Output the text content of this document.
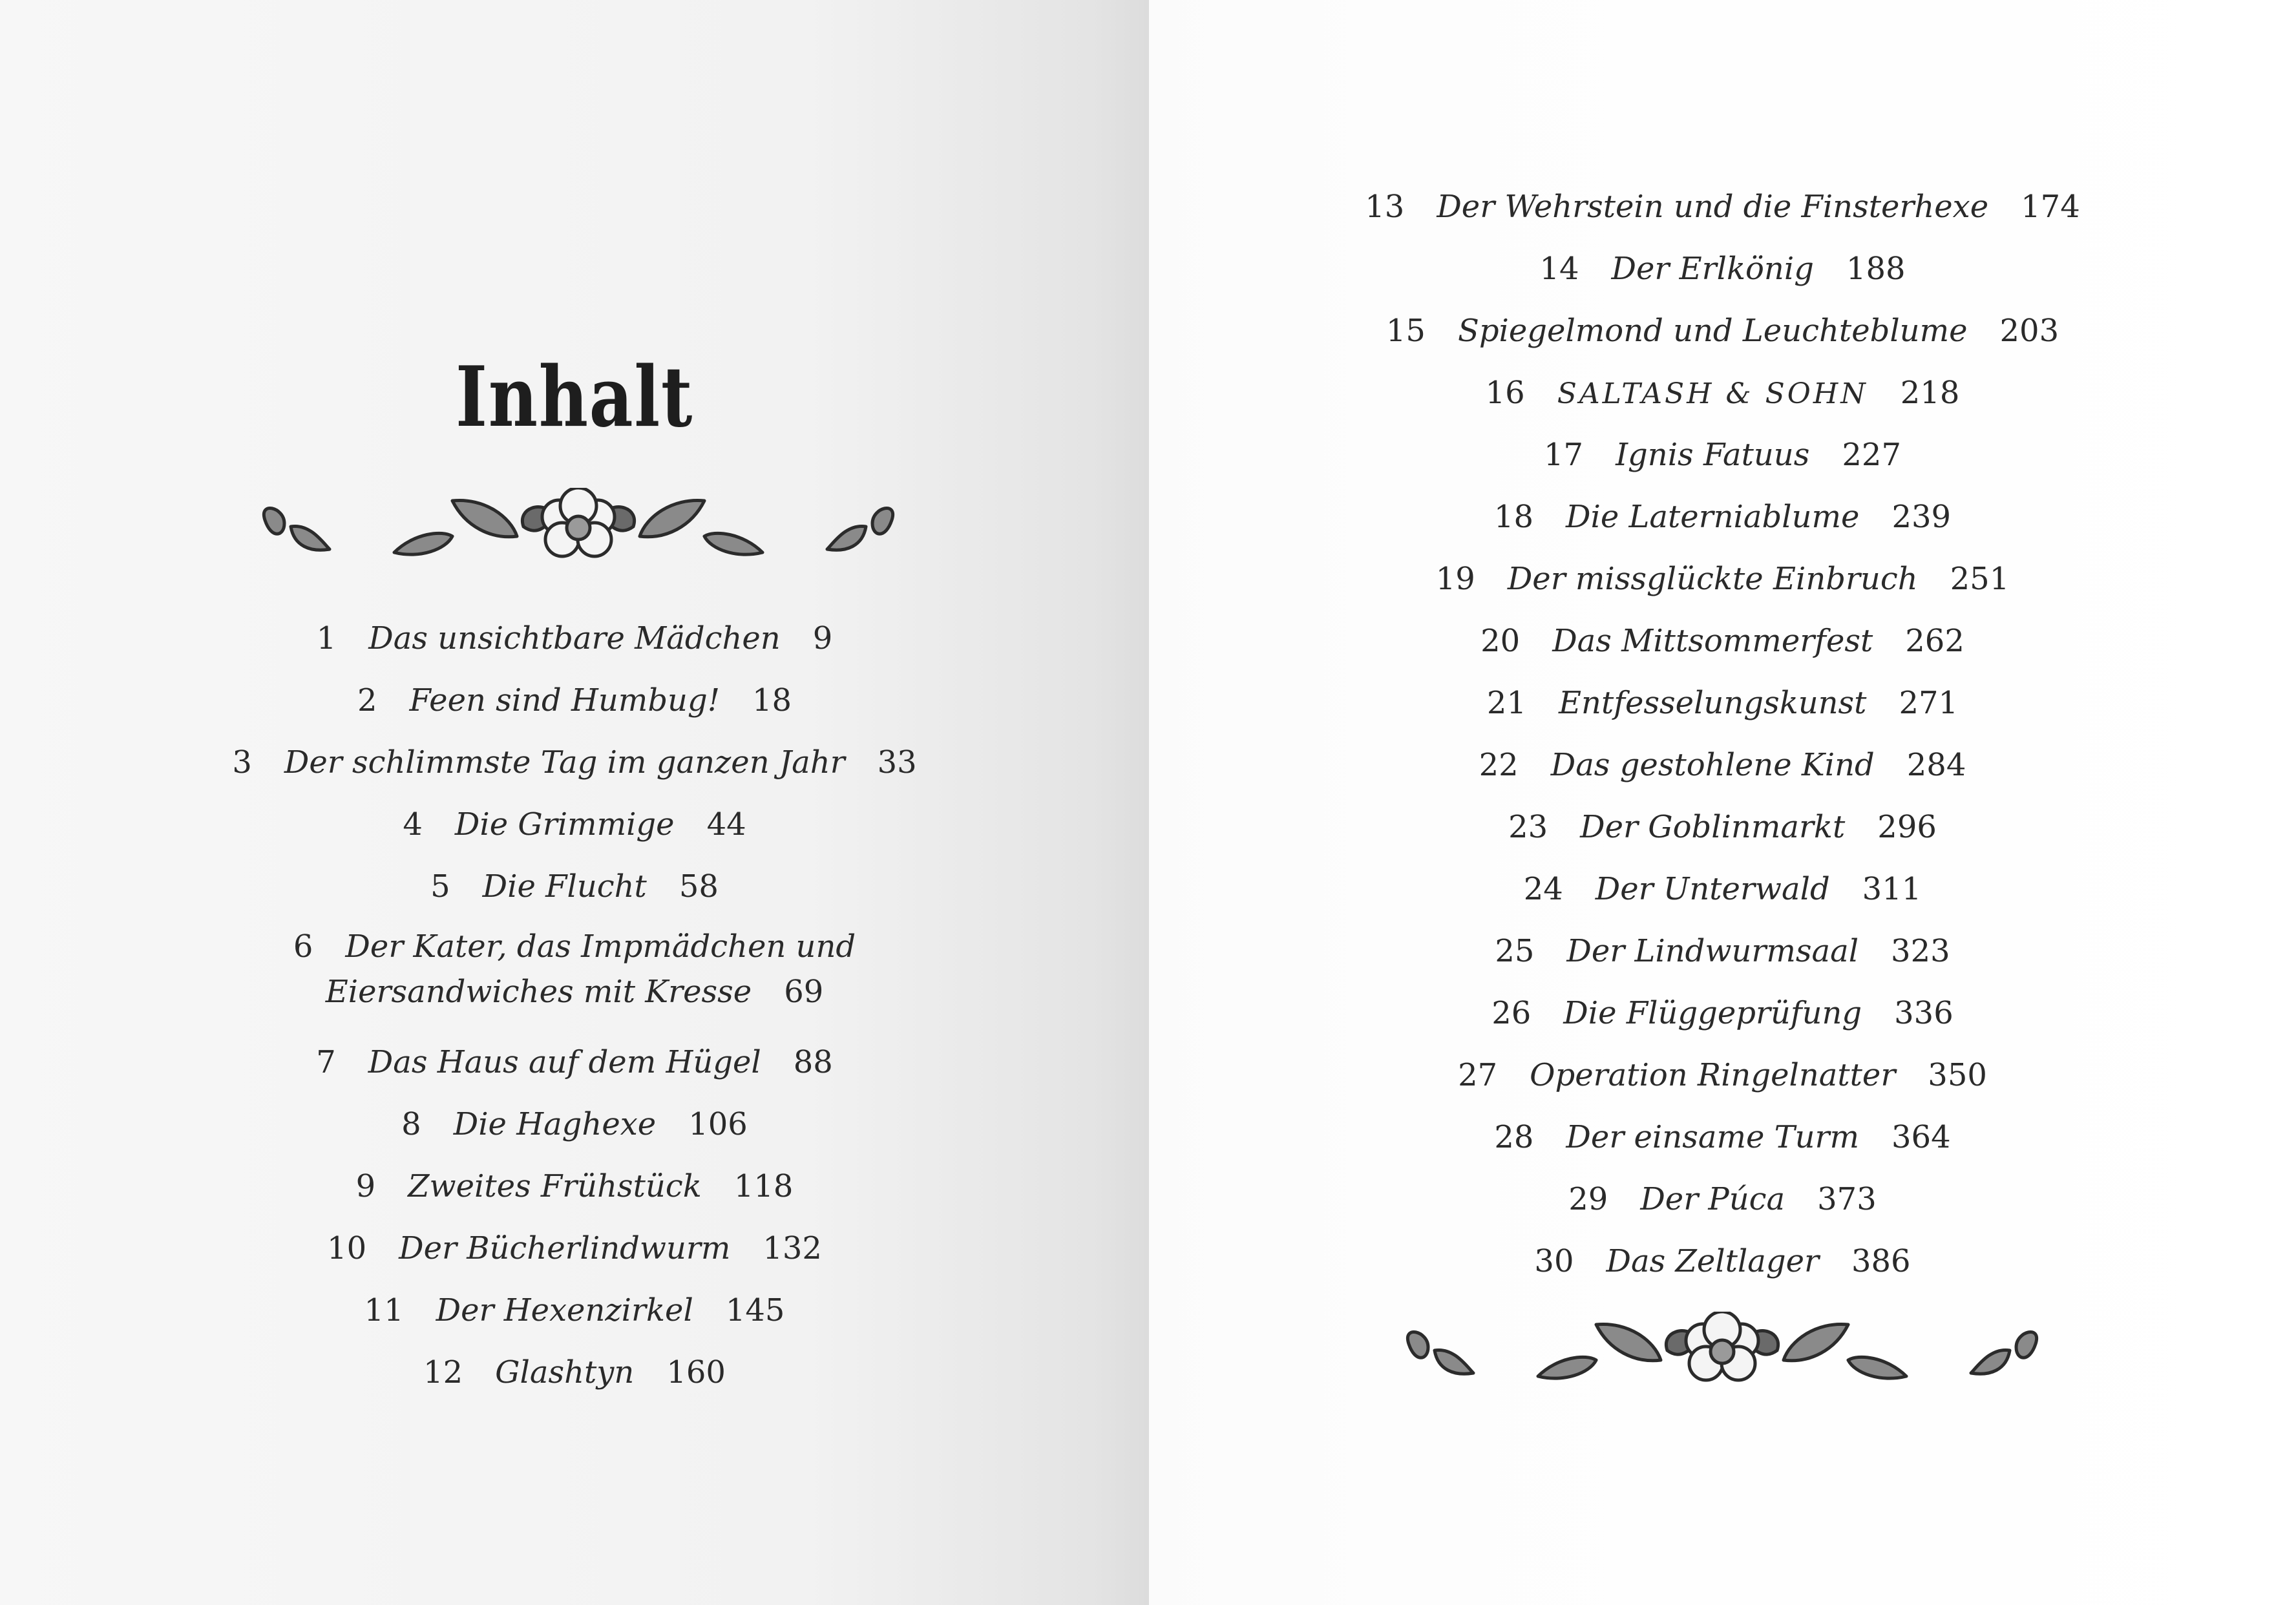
Inhalt
1 Das unsichtbare Mädchen 9
2 Feen sind Humbug! 18
3 Der schlimmste Tag im ganzen Jahr 33
4 Die Grimmige 44
5 Die Flucht 58
6 Der Kater, das Impmädchen und
Eiersandwiches mit Kresse 69
7 Das Haus auf dem Hügel 88
8 Die Haghexe 106
9 Zweites Frühstück 118
10 Der Bücherlindwurm 132
11 Der Hexenzirkel 145
12 Glashtyn 160
13 Der Wehrstein und die Finsterhexe 174
14 Der Erlkönig 188
15 Spiegelmond und Leuchteblume 203
16 SALTASH & SOHN 218
17 Ignis Fatuus 227
18 Die Laterniablume 239
19 Der missglückte Einbruch 251
20 Das Mittsommerfest 262
21 Entfesselungskunst 271
22 Das gestohlene Kind 284
23 Der Goblinmarkt 296
24 Der Unterwald 311
25 Der Lindwurmsaal 323
26 Die Flüggeprüfung 336
27 Operation Ringelnatter 350
28 Der einsame Turm 364
29 Der Púca 373
30 Das Zeltlager 386
